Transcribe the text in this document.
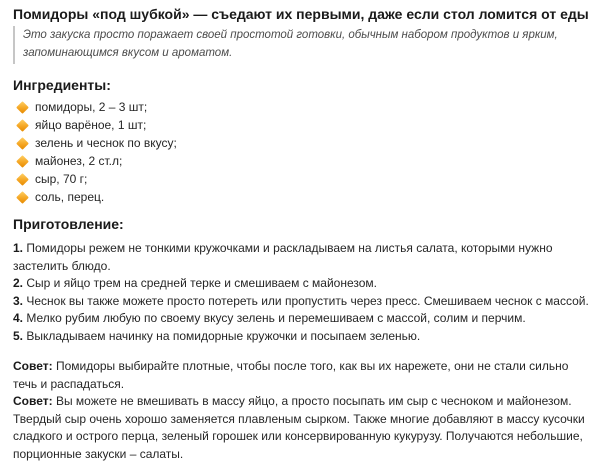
Помидоры «под шубкой» — съедают их первыми, даже если стол ломится от еды
Это закуска просто поражает своей простотой готовки, обычным набором продуктов и ярким, запоминающимся вкусом и ароматом.
Ингредиенты:
помидоры, 2 – 3 шт;
яйцо варёное, 1 шт;
зелень и чеснок по вкусу;
майонез, 2 ст.л;
сыр, 70 г;
соль, перец.
Приготовление:

1. Помидоры режем не тонкими кружочками и раскладываем на листья салата, которыми нужно застелить блюдо.

2. Сыр и яйцо трем на средней терке и смешиваем с майонезом.

3. Чеснок вы также можете просто потереть или пропустить через пресс. Смешиваем чеснок с массой.

4. Мелко рубим любую по своему вкусу зелень и перемешиваем с массой, солим и перчим.

5. Выкладываем начинку на помидорные кружочки и посыпаем зеленью.

Совет: Помидоры выбирайте плотные, чтобы после того, как вы их нарежете, они не стали сильно течь и распадаться.

Совет: Вы можете не вмешивать в массу яйцо, а просто посыпать им сыр с чесноком и майонезом. Твердый сыр очень хорошо заменяется плавленым сырком. Также многие добавляют в массу кусочки сладкого и острого перца, зеленый горошек или консервированную кукурузу. Получаются небольшие, порционные закуски – салаты.
